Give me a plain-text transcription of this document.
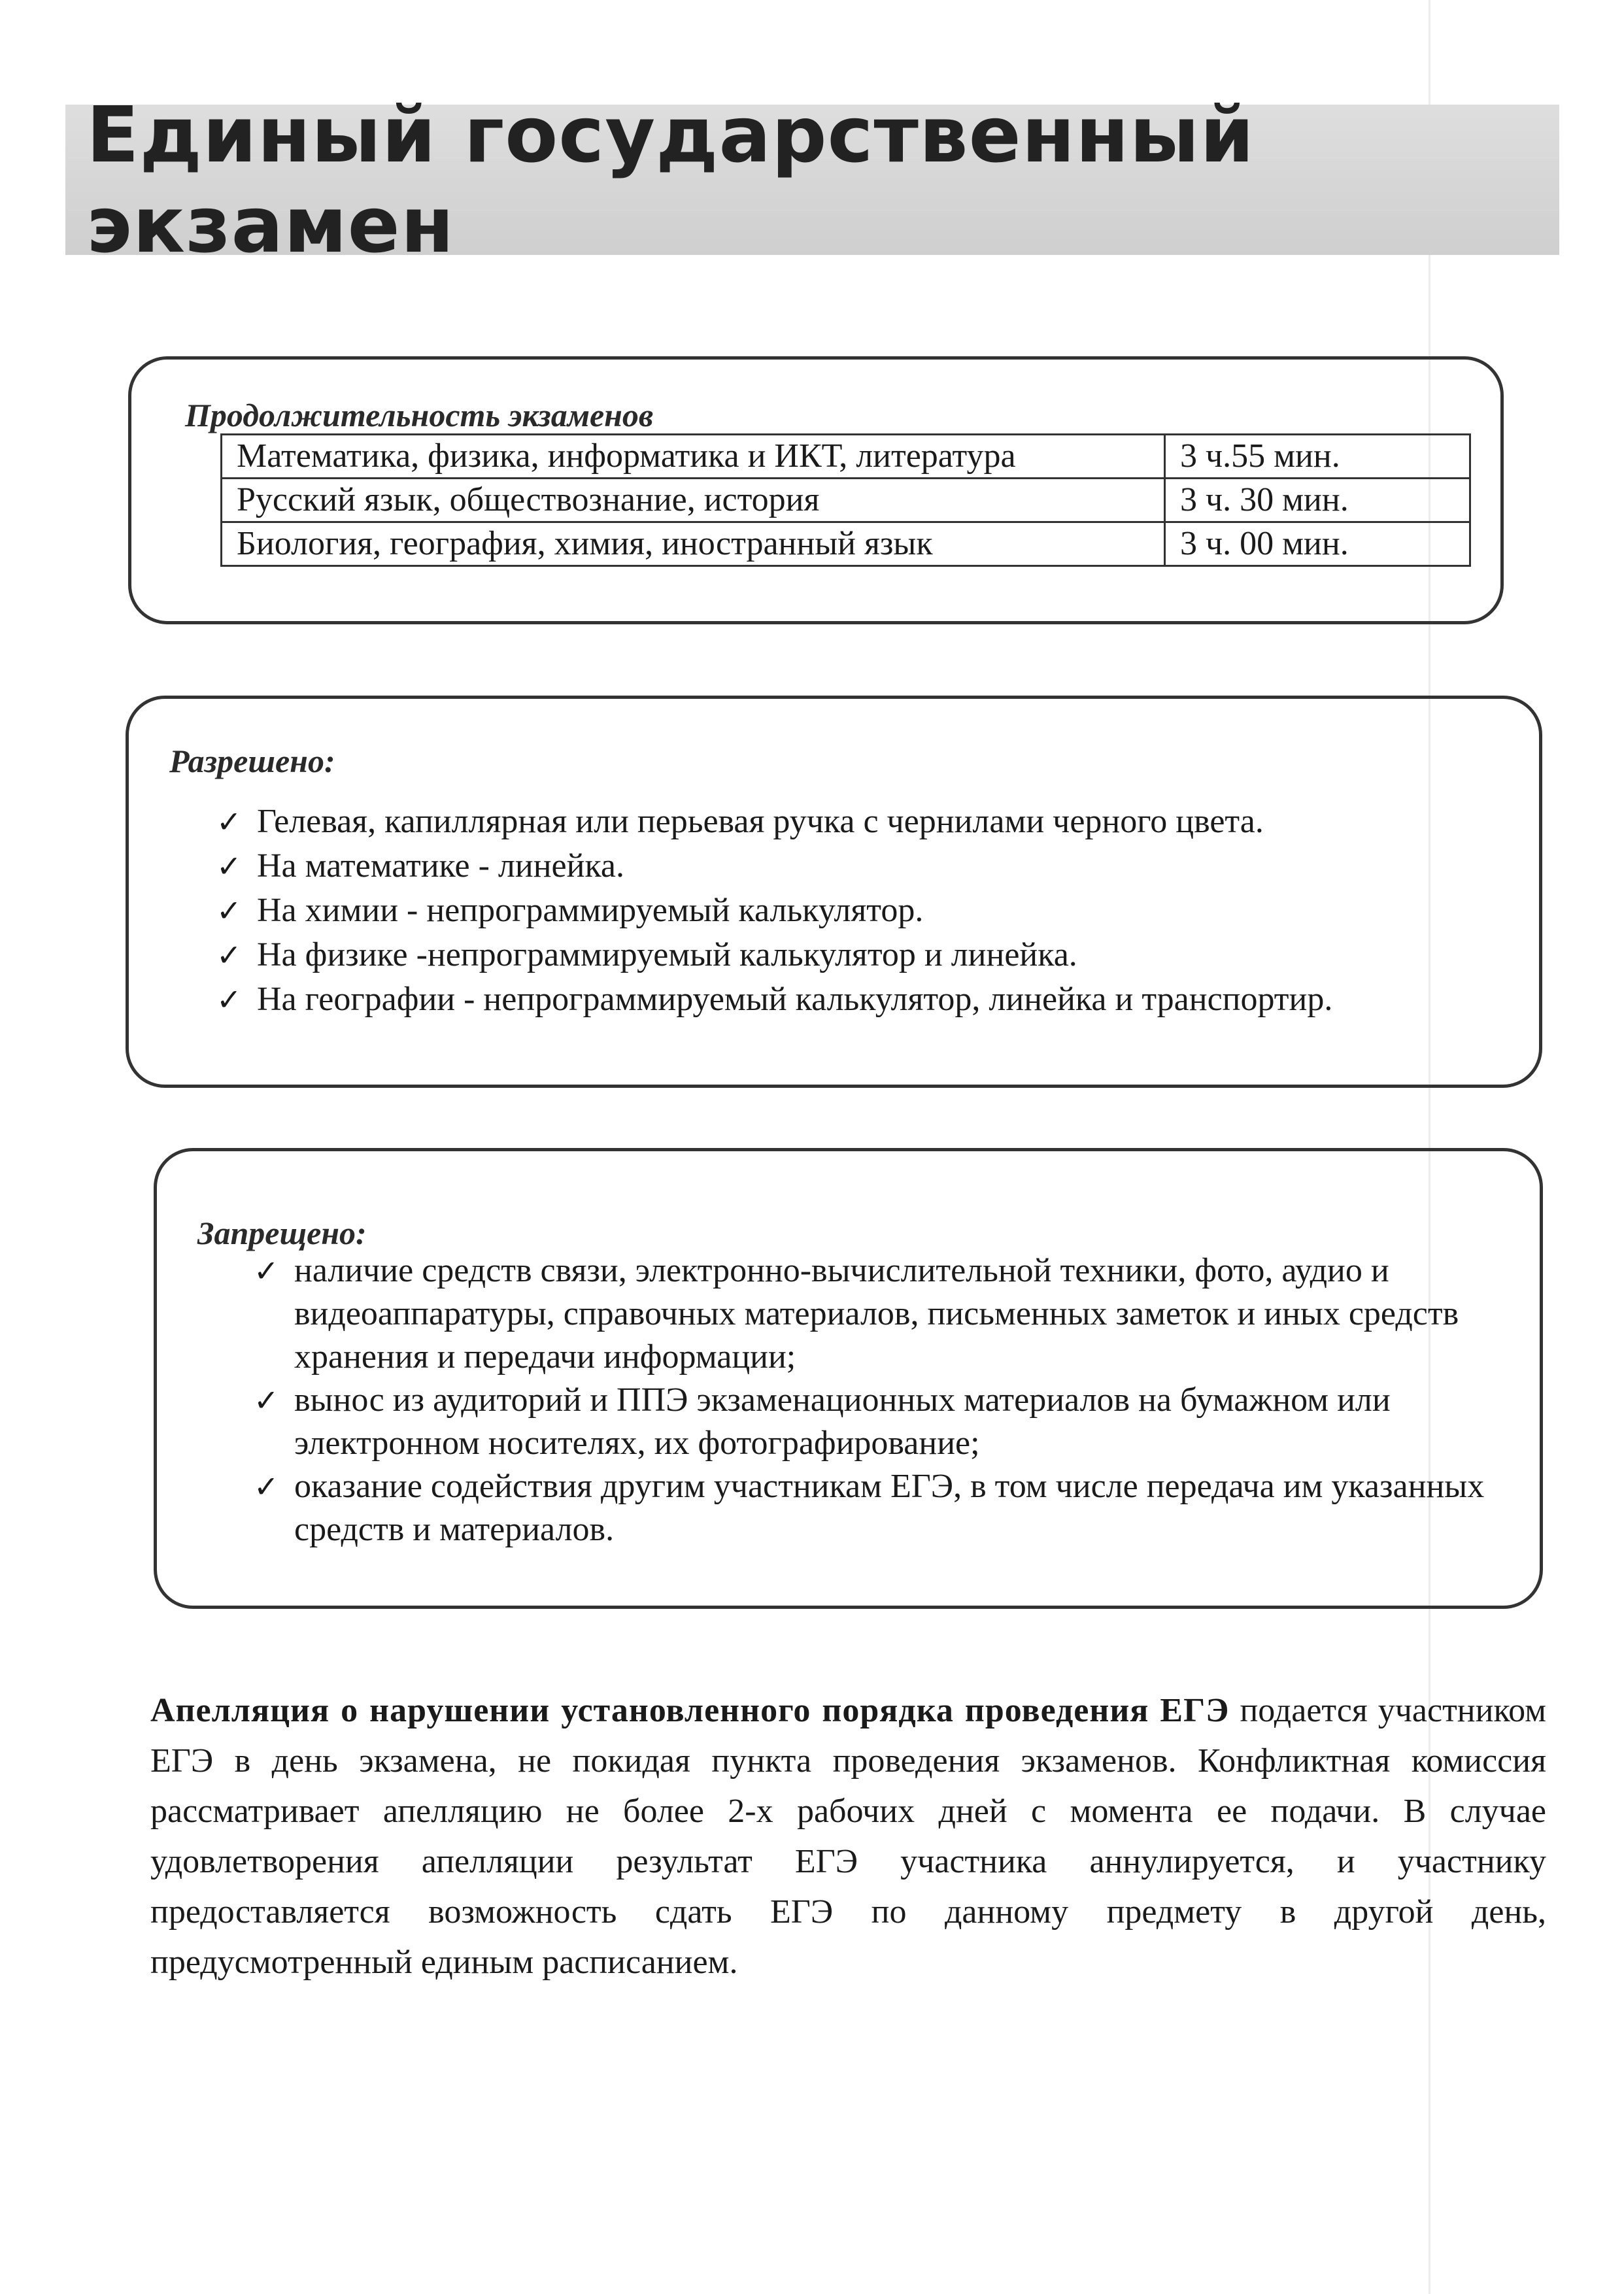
Единый государственный экзамен
Продолжительность экзаменов
Математика, физика, информатика и ИКТ, литература	3 ч.55 мин.
Русский язык, обществознание, история	3 ч. 30 мин.
Биология, география, химия, иностранный язык	3 ч. 00 мин.
Разрешено:
✓ Гелевая, капиллярная или перьевая ручка с чернилами черного цвета.
✓ На математике - линейка.
✓ На химии - непрограммируемый калькулятор.
✓ На физике -непрограммируемый калькулятор и линейка.
✓ На географии - непрограммируемый калькулятор, линейка и транспортир.
Запрещено:
✓ наличие средств связи, электронно-вычислительной техники, фото, аудио и видеоаппаратуры, справочных материалов, письменных заметок и иных средств хранения и передачи информации;
✓ вынос из аудиторий и ППЭ экзаменационных материалов на бумажном или электронном носителях, их фотографирование;
✓ оказание содействия другим участникам ЕГЭ, в том числе передача им указанных средств и материалов.

Апелляция о нарушении установленного порядка проведения ЕГЭ подается участником ЕГЭ в день экзамена, не покидая пункта проведения экзаменов. Конфликтная комиссия рассматривает апелляцию не более 2-х рабочих дней с момента ее подачи. В случае удовлетворения апелляции результат ЕГЭ участника аннулируется, и участнику предоставляется возможность сдать ЕГЭ по данному предмету в другой день, предусмотренный единым расписанием.
